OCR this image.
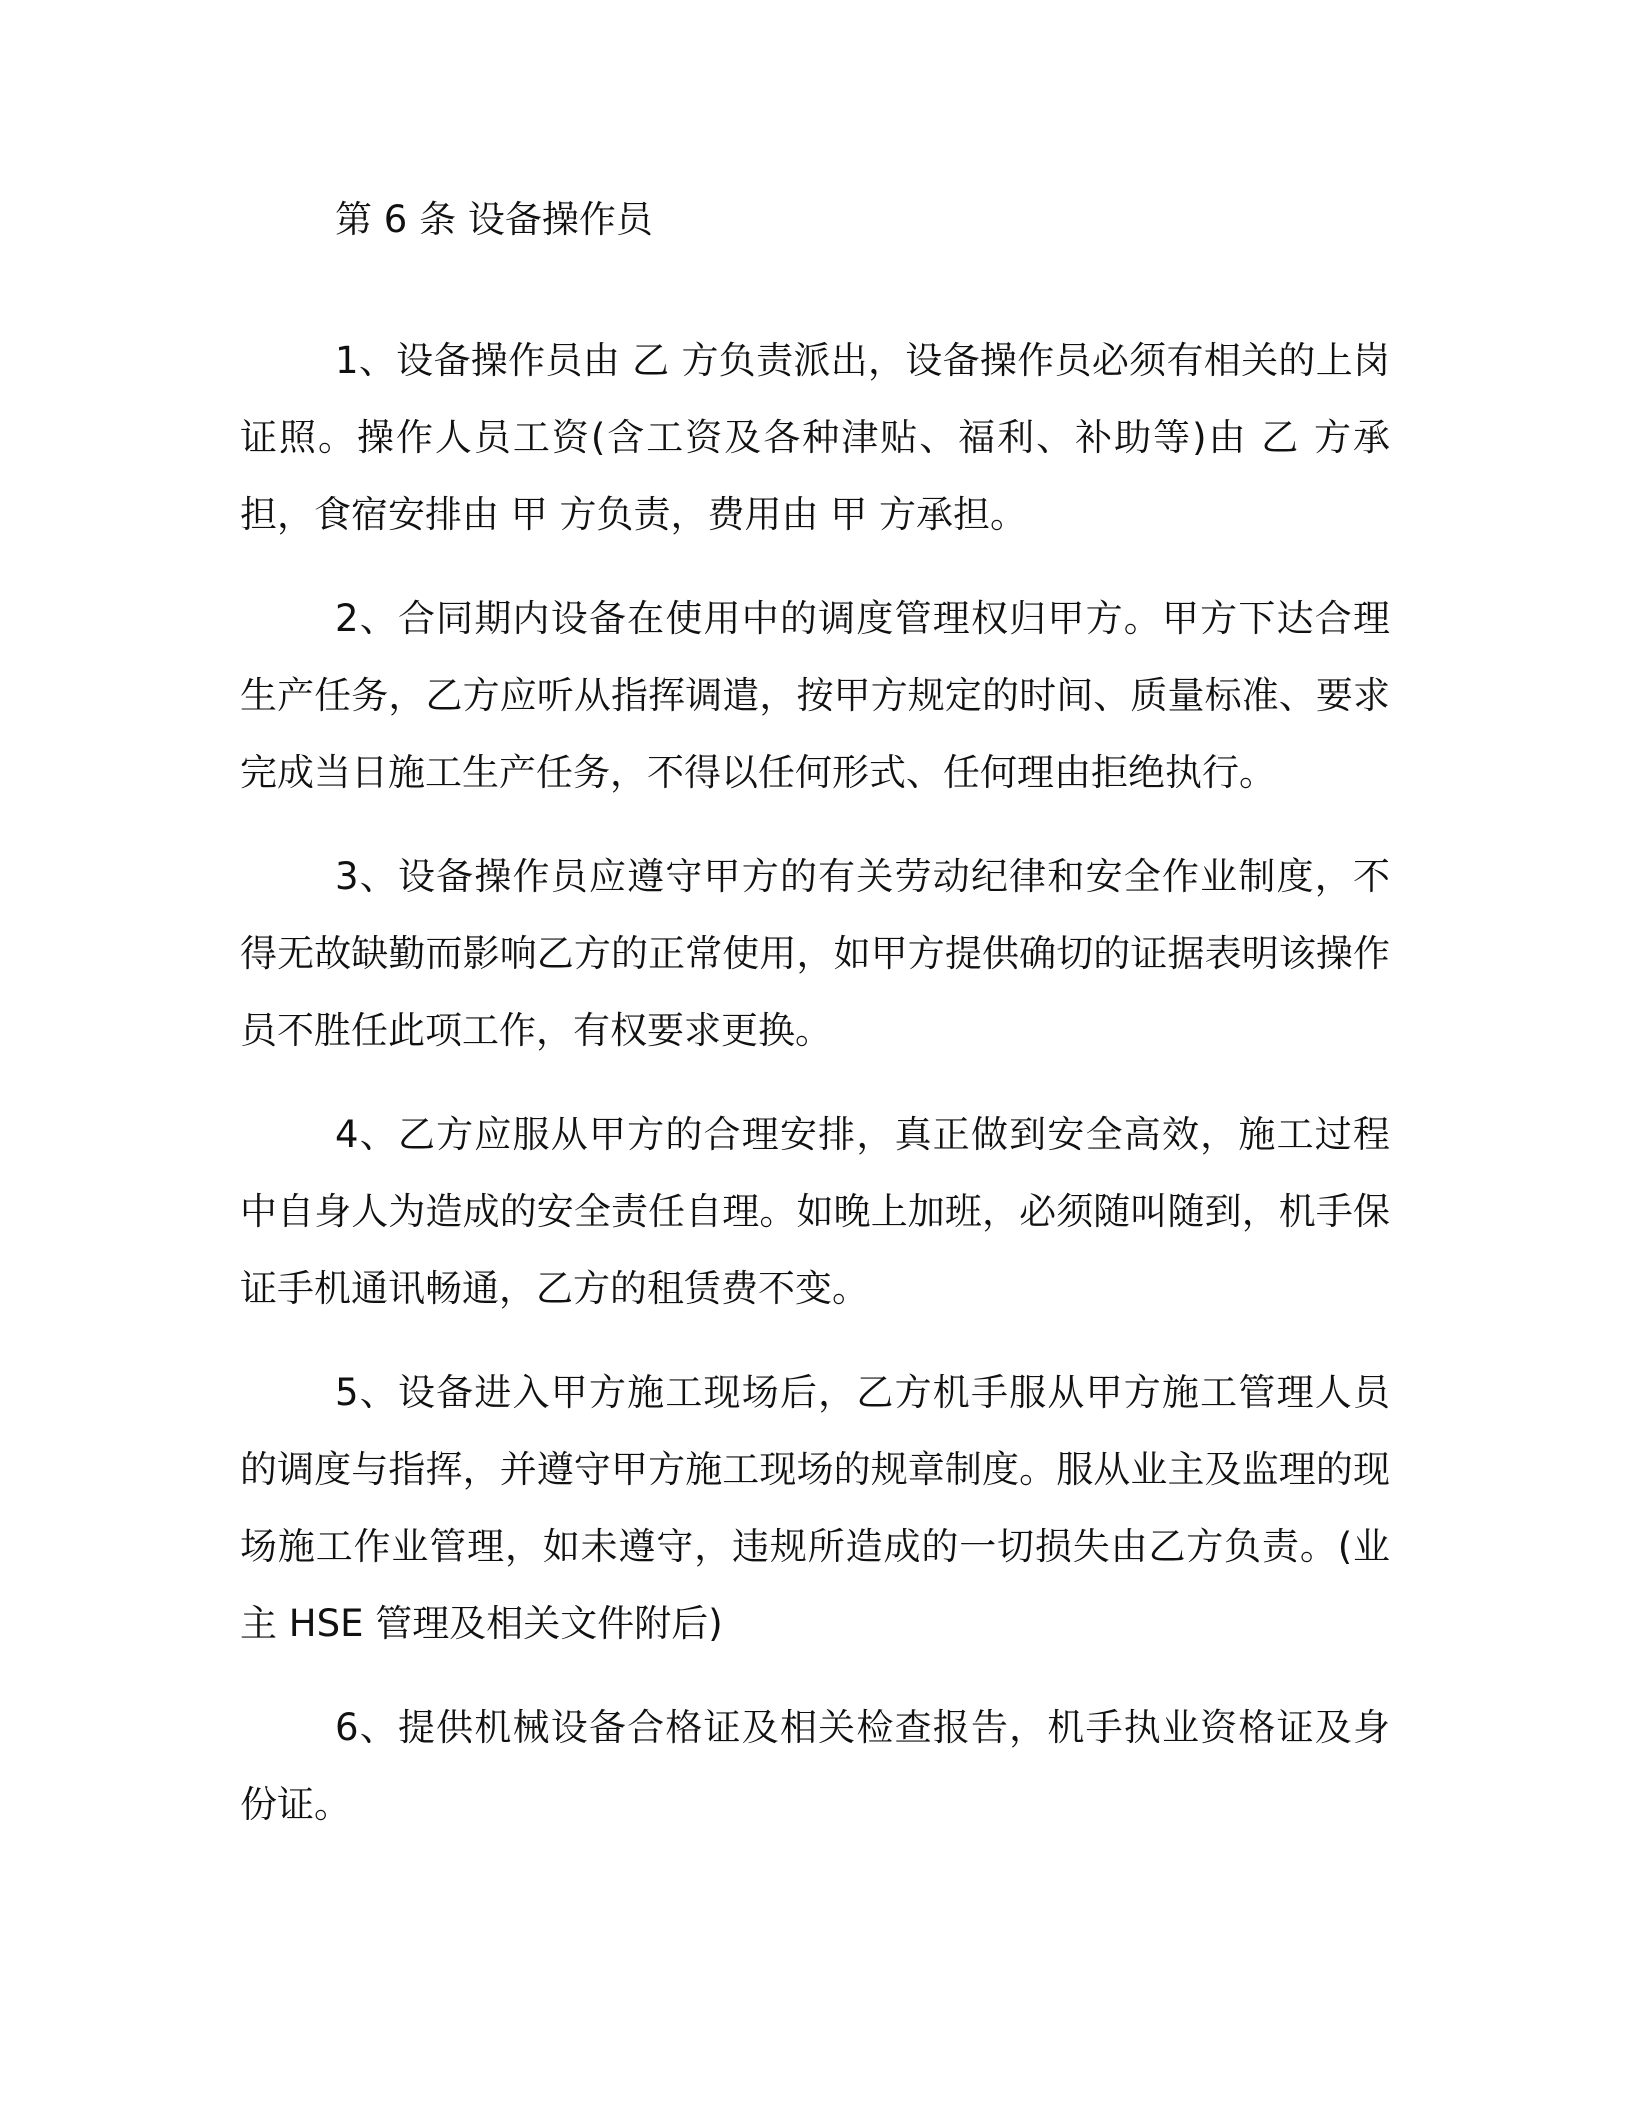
第 6 条 设备操作员

1、设备操作员由 乙 方负责派出，设备操作员必须有相关的上岗证照。操作人员工资(含工资及各种津贴、福利、补助等)由 乙 方承担，食宿安排由 甲 方负责，费用由 甲 方承担。

2、合同期内设备在使用中的调度管理权归甲方。甲方下达合理生产任务，乙方应听从指挥调遣，按甲方规定的时间、质量标准、要求完成当日施工生产任务，不得以任何形式、任何理由拒绝执行。

3、设备操作员应遵守甲方的有关劳动纪律和安全作业制度，不得无故缺勤而影响乙方的正常使用，如甲方提供确切的证据表明该操作员不胜任此项工作，有权要求更换。

4、乙方应服从甲方的合理安排，真正做到安全高效，施工过程中自身人为造成的安全责任自理。如晚上加班，必须随叫随到，机手保证手机通讯畅通，乙方的租赁费不变。

5、设备进入甲方施工现场后，乙方机手服从甲方施工管理人员的调度与指挥，并遵守甲方施工现场的规章制度。服从业主及监理的现场施工作业管理，如未遵守，违规所造成的一切损失由乙方负责。(业主 HSE 管理及相关文件附后)

6、提供机械设备合格证及相关检查报告，机手执业资格证及身份证。
